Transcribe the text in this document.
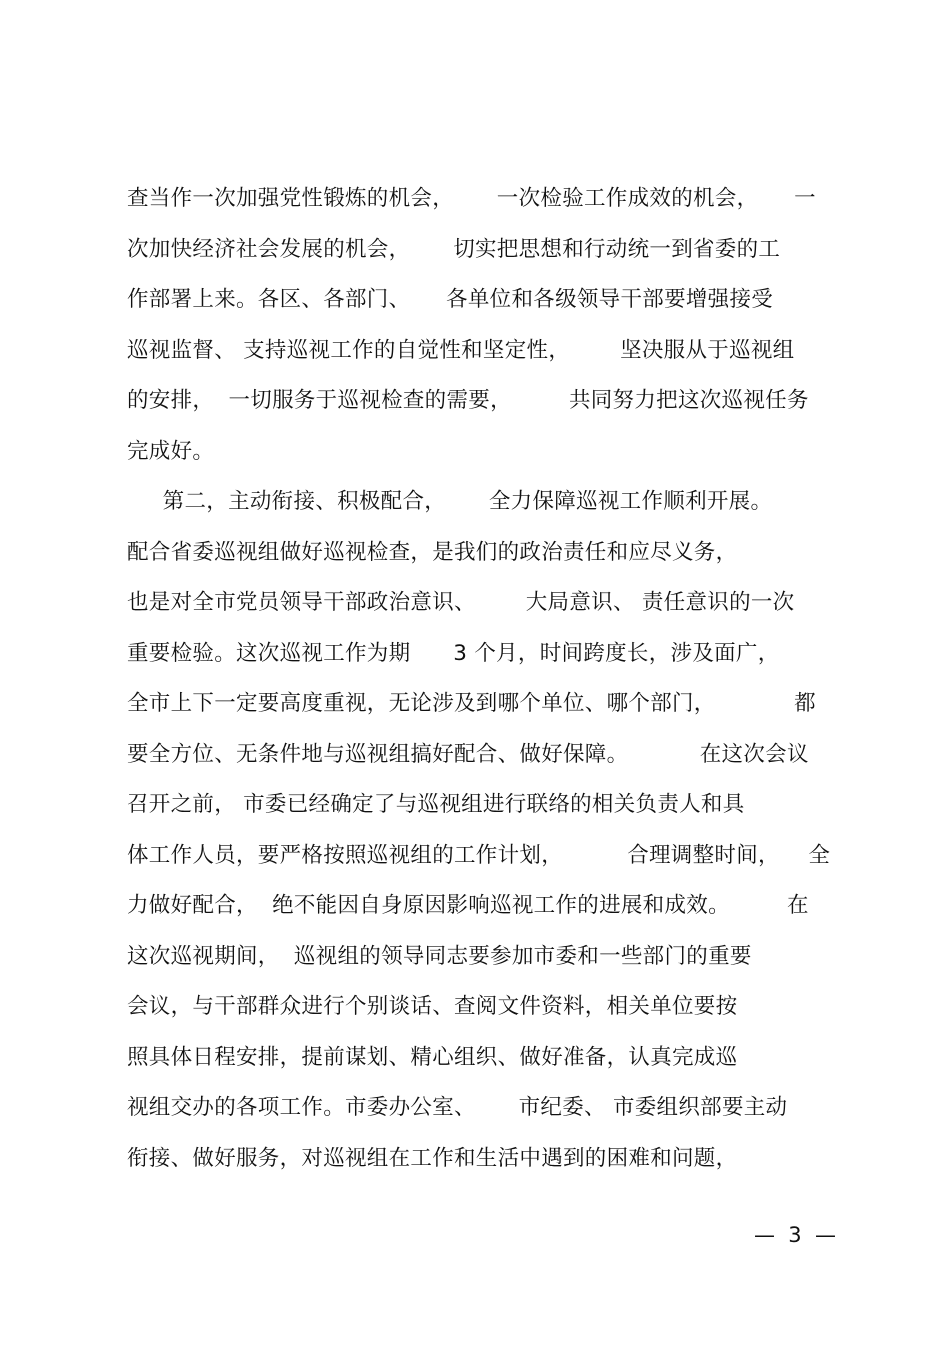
查当作一次加强党性锻炼的机会，      一次检验工作成效的机会，     一
次加快经济社会发展的机会，      切实把思想和行动统一到省委的工
作部署上来。各区、各部门、     各单位和各级领导干部要增强接受
巡视监督、 支持巡视工作的自觉性和坚定性，       坚决服从于巡视组
的安排，  一切服务于巡视检查的需要，        共同努力把这次巡视任务
完成好。
第二，主动衔接、积极配合，      全力保障巡视工作顺利开展。
配合省委巡视组做好巡视检查，是我们的政治责任和应尽义务，
也是对全市党员领导干部政治意识、       大局意识、 责任意识的一次
重要检验。这次巡视工作为期      3 个月，时间跨度长，涉及面广，
全市上下一定要高度重视，无论涉及到哪个单位、哪个部门，           都
要全方位、无条件地与巡视组搞好配合、做好保障。          在这次会议
召开之前， 市委已经确定了与巡视组进行联络的相关负责人和具
体工作人员，要严格按照巡视组的工作计划，         合理调整时间，    全
力做好配合，  绝不能因自身原因影响巡视工作的进展和成效。        在
这次巡视期间，  巡视组的领导同志要参加市委和一些部门的重要
会议，与干部群众进行个别谈话、查阅文件资料，相关单位要按
照具体日程安排，提前谋划、精心组织、做好准备，认真完成巡
视组交办的各项工作。市委办公室、      市纪委、 市委组织部要主动
衔接、做好服务，对巡视组在工作和生活中遇到的困难和问题，
—  3  —
